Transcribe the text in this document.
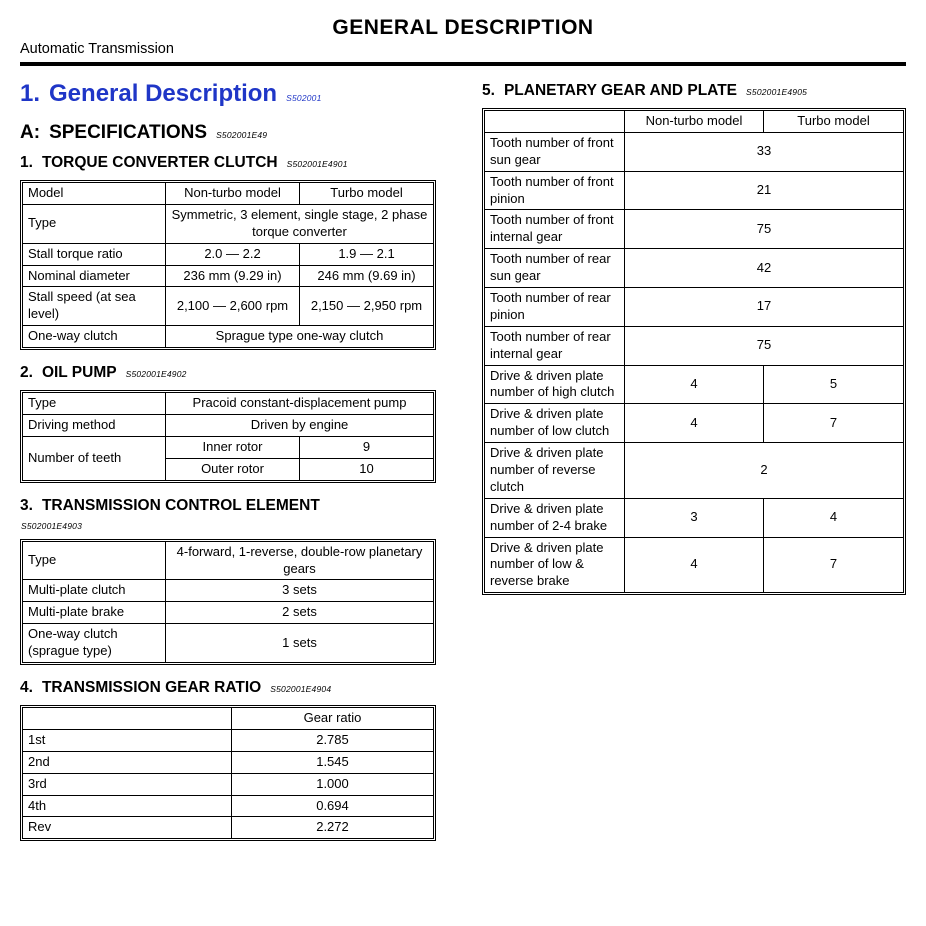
GENERAL DESCRIPTION
Automatic Transmission
1. General Description S502001
A: SPECIFICATIONS S502001E49
1. TORQUE CONVERTER CLUTCH S502001E4901
Model	Non-turbo model	Turbo model
Type	Symmetric, 3 element, single stage, 2 phase torque converter	
Stall torque ratio	2.0 — 2.2	1.9 — 2.1
Nominal diameter	236 mm (9.29 in)	246 mm (9.69 in)
Stall speed (at sea level)	2,100 — 2,600 rpm	2,150 — 2,950 rpm
One-way clutch	Sprague type one-way clutch	
2. OIL PUMP S502001E4902
Type	Pracoid constant-displacement pump	
Driving method	Driven by engine	
Number of teeth	Inner rotor	9
	Outer rotor	10
3. TRANSMISSION CONTROL ELEMENT
S502001E4903
Type	4-forward, 1-reverse, double-row planetary gears
Multi-plate clutch	3 sets
Multi-plate brake	2 sets
One-way clutch (sprague type)	1 sets
4. TRANSMISSION GEAR RATIO S502001E4904
	Gear ratio
1st	2.785
2nd	1.545
3rd	1.000
4th	0.694
Rev	2.272
5. PLANETARY GEAR AND PLATE S502001E4905
	Non-turbo model	Turbo model
Tooth number of front sun gear	33	
Tooth number of front pinion	21	
Tooth number of front internal gear	75	
Tooth number of rear sun gear	42	
Tooth number of rear pinion	17	
Tooth number of rear internal gear	75	
Drive & driven plate number of high clutch	4	5
Drive & driven plate number of low clutch	4	7
Drive & driven plate number of reverse clutch	2	
Drive & driven plate number of 2-4 brake	3	4
Drive & driven plate number of low & reverse brake	4	7
